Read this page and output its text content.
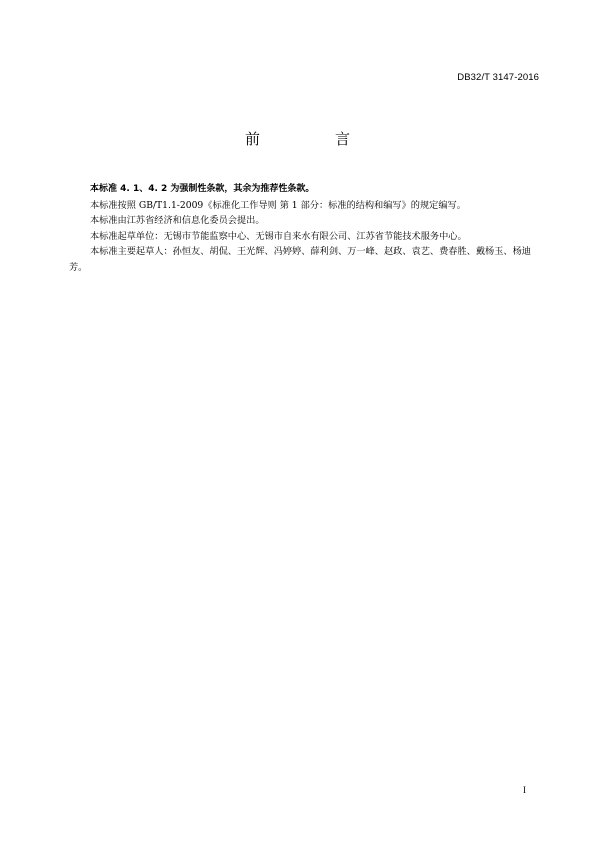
DB32/T 3147-2016
前　言

本标准 4. 1、4. 2 为强制性条款，其余为推荐性条款。

本标准按照 GB/T1.1-2009《标准化工作导则 第 1 部分：标准的结构和编写》的规定编写。

本标准由江苏省经济和信息化委员会提出。

本标准起草单位：无锡市节能监察中心、无锡市自来水有限公司、江苏省节能技术服务中心。

本标准主要起草人：孙恒友、胡侃、王光辉、冯婷婷、薛利剑、万一峰、赵政、袁艺、费春胜、戴杨玉、杨迪芳。

I
